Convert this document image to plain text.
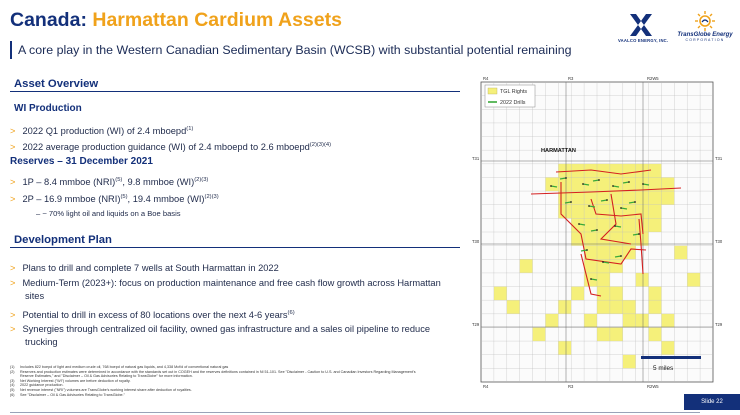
Canada: Harmattan Cardium Assets
A core play in the Western Canadian Sedimentary Basin (WCSB) with substantial potential remaining
VAALCO ENERGY, INC.
TransGlobe Energy
CORPORATION
Asset Overview
WI Production
> 2022 Q1 production (WI) of 2.4 mboepd$^{(1)}$
> 2022 average production guidance (WI) of 2.4 mboepd to 2.6 mboepd$^{(2)(3)(4)}$
Reserves – 31 December 2021
> 1P – 8.4 mmboe (NRI)$^{(5)}$, 9.8 mmboe (WI)$^{(2)(3)}$
> 2P – 16.9 mmboe (NRI)$^{(5)}$, 19.4 mmboe (WI)$^{(2)(3)}$
– ~ 70% light oil and liquids on a Boe basis
Development Plan
> Plans to drill and complete 7 wells at South Harmattan in 2022
> Medium-Term (2023+): focus on production maintenance and free cash flow growth across Harmattan sites
> Potential to drill in excess of 80 locations over the next 4-6 years$^{(6)}$
> Synergies through centralized oil facility, owned gas infrastructure and a sales oil pipeline to reduce trucking
(1) Includes 822 boepd of light and medium crude oil, 768 boepd of natural gas liquids, and 4,338 Mcf/d of conventional natural gas
(2) Reserves and production estimates were determined in accordance with the standards set out in COGEH and the reserves definitions contained in NI 51-101. See "Disclaimer - Caution to U.S. and Canadian Investors Regarding Management's
Reserve Estimates," and "Disclaimer – Oil & Gas Advisories Relating to TransGlobe" for more information.
(3) Net Working Interest ("WI") volumes are before deduction of royalty.
(4) 2022 guidance production.
(5) Net revenue interest ("NRI") volumes are TransGlobe's working interest share after deduction of royalties.
(6) See "Disclaimer – Oil & Gas Advisories Relating to TransGlobe."
TGL Rights
2022 Drills
HARMATTAN
R4	R3	R2W5
R4	R3	R2W5
T31
T30
T29
T31
T30
T29
5 miles
Slide 22
